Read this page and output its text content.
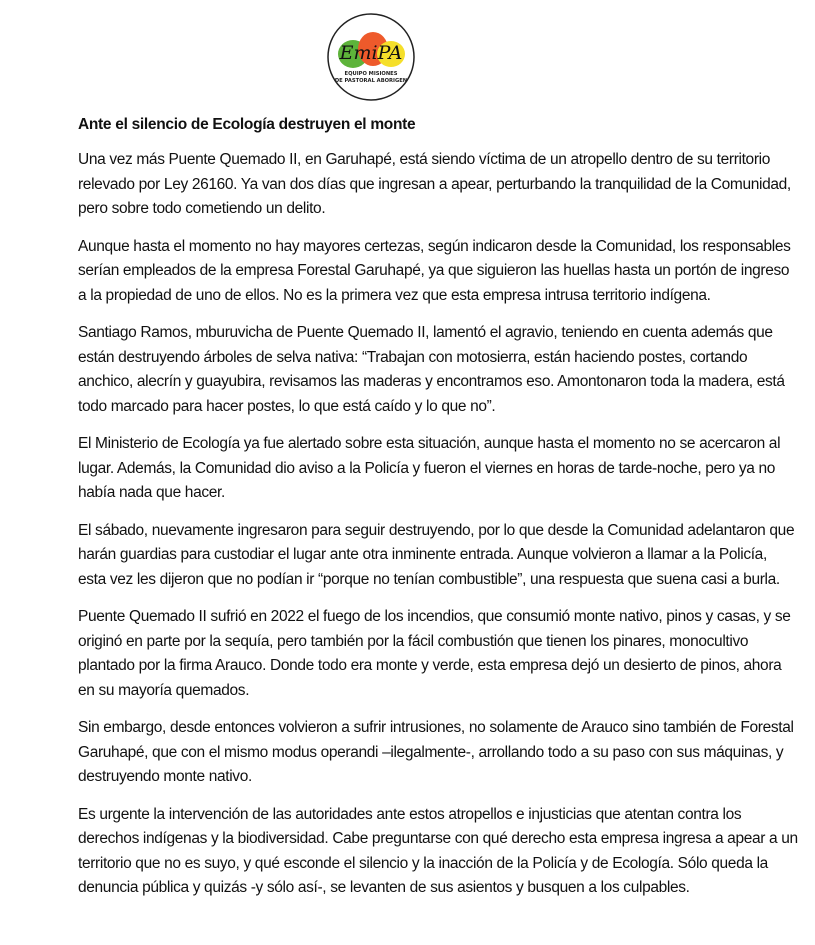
EmiPA
EQUIPO MISIONES
DE PASTORAL ABORIGEN
Ante el silencio de Ecología destruyen el monte

Una vez más Puente Quemado II, en Garuhapé, está siendo víctima de un atropello dentro de su territorio relevado por Ley 26160. Ya van dos días que ingresan a apear, perturbando la tranquilidad de la Comunidad, pero sobre todo cometiendo un delito.

Aunque hasta el momento no hay mayores certezas, según indicaron desde la Comunidad, los responsables serían empleados de la empresa Forestal Garuhapé, ya que siguieron las huellas hasta un portón de ingreso a la propiedad de uno de ellos. No es la primera vez que esta empresa intrusa territorio indígena.

Santiago Ramos, mburuvicha de Puente Quemado II, lamentó el agravio, teniendo en cuenta además que están destruyendo árboles de selva nativa: “Trabajan con motosierra, están haciendo postes, cortando anchico, alecrín y guayubira, revisamos las maderas y encontramos eso. Amontonaron toda la madera, está todo marcado para hacer postes, lo que está caído y lo que no”.

El Ministerio de Ecología ya fue alertado sobre esta situación, aunque hasta el momento no se acercaron al lugar. Además, la Comunidad dio aviso a la Policía y fueron el viernes en horas de tarde-noche, pero ya no había nada que hacer.

El sábado, nuevamente ingresaron para seguir destruyendo, por lo que desde la Comunidad adelantaron que harán guardias para custodiar el lugar ante otra inminente entrada. Aunque volvieron a llamar a la Policía, esta vez les dijeron que no podían ir “porque no tenían combustible”, una respuesta que suena casi a burla.

Puente Quemado II sufrió en 2022 el fuego de los incendios, que consumió monte nativo, pinos y casas, y se originó en parte por la sequía, pero también por la fácil combustión que tienen los pinares, monocultivo plantado por la firma Arauco. Donde todo era monte y verde, esta empresa dejó un desierto de pinos, ahora en su mayoría quemados.

Sin embargo, desde entonces volvieron a sufrir intrusiones, no solamente de Arauco sino también de Forestal Garuhapé, que con el mismo modus operandi –ilegalmente-, arrollando todo a su paso con sus máquinas, y destruyendo monte nativo.

Es urgente la intervención de las autoridades ante estos atropellos e injusticias que atentan contra los derechos indígenas y la biodiversidad. Cabe preguntarse con qué derecho esta empresa ingresa a apear a un territorio que no es suyo, y qué esconde el silencio y la inacción de la Policía y de Ecología. Sólo queda la denuncia pública y quizás -y sólo así-, se levanten de sus asientos y busquen a los culpables.
